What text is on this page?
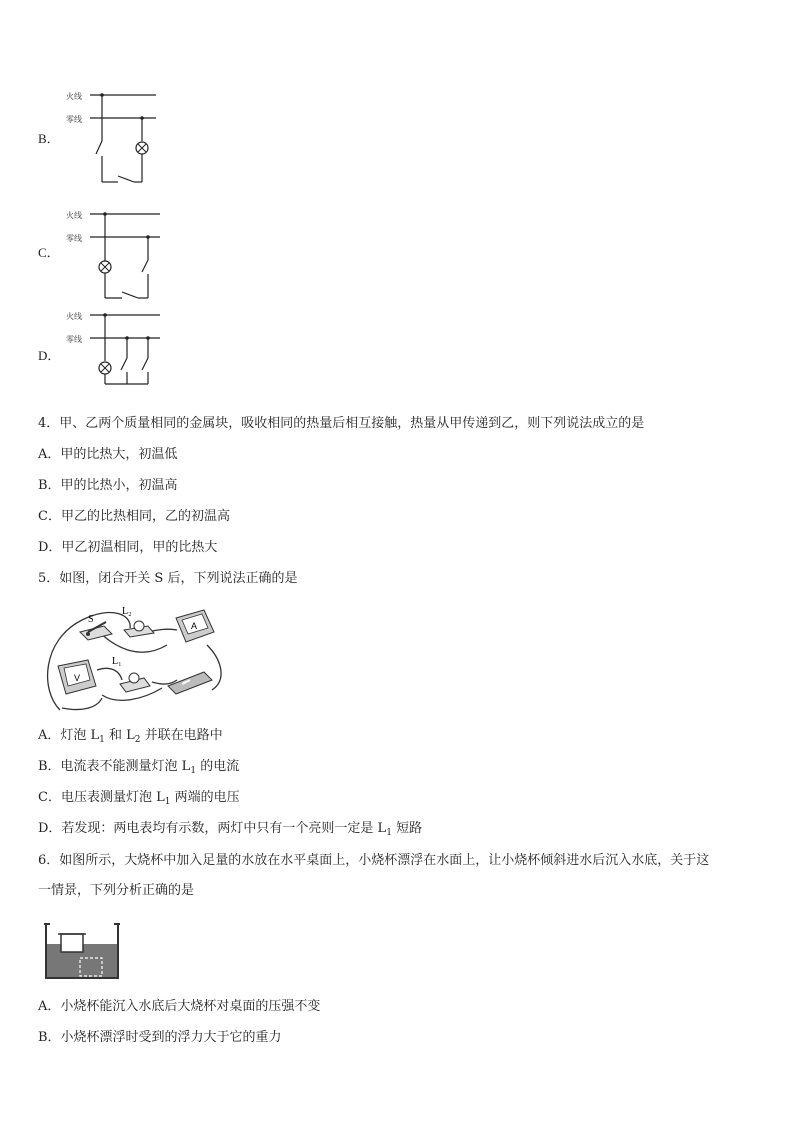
B．
火线
零线
C．
火线
零线
D．
火线
零线
4．甲、乙两个质量相同的金属块，吸收相同的热量后相互接触，热量从甲传递到乙，则下列说法成立的是
A．甲的比热大，初温低
B．甲的比热小，初温高
C．甲乙的比热相同，乙的初温高
D．甲乙初温相同，甲的比热大
5．如图，闭合开关 S 后，下列说法正确的是
S
L₂
A
L₁
V
A．灯泡 $L_1$ 和 $L_2$ 并联在电路中
B．电流表不能测量灯泡 $L_1$ 的电流
C．电压表测量灯泡 $L_1$ 两端的电压
D．若发现：两电表均有示数，两灯中只有一个亮则一定是 $L_1$ 短路
6．如图所示，大烧杯中加入足量的水放在水平桌面上，小烧杯漂浮在水面上，让小烧杯倾斜进水后沉入水底，关于这
一情景，下列分析正确的是
A．小烧杯能沉入水底后大烧杯对桌面的压强不变
B．小烧杯漂浮时受到的浮力大于它的重力
